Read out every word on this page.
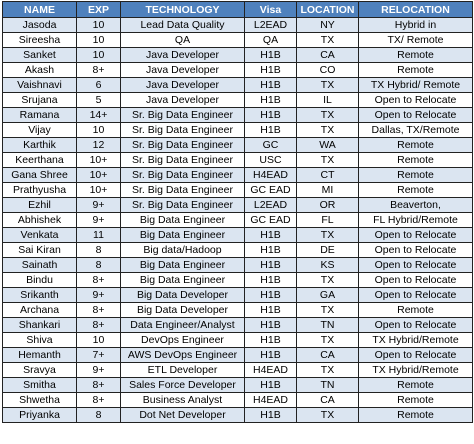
NAME	EXP	TECHNOLOGY	Visa	LOCATION	RELOCATION
Jasoda	10	Lead Data Quality	L2EAD	NY	Hybrid in
Sireesha	10	QA	QA	TX	TX/ Remote
Sanket	10	Java Developer	H1B	CA	Remote
Akash	8+	Java Developer	H1B	CO	Remote
Vaishnavi	6	Java Developer	H1B	TX	TX Hybrid/ Remote
Srujana	5	Java Developer	H1B	IL	Open to Relocate
Ramana	14+	Sr. Big Data Engineer	H1B	TX	Open to Relocate
Vijay	10	Sr. Big Data Engineer	H1B	TX	Dallas, TX/Remote
Karthik	12	Sr. Big Data Engineer	GC	WA	Remote
Keerthana	10+	Sr. Big Data Engineer	USC	TX	Remote
Gana Shree	10+	Sr. Big Data Engineer	H4EAD	CT	Remote
Prathyusha	10+	Sr. Big Data Engineer	GC EAD	MI	Remote
Ezhil	9+	Sr. Big Data Engineer	L2EAD	OR	Beaverton,
Abhishek	9+	Big Data Engineer	GC EAD	FL	FL Hybrid/Remote
Venkata	11	Big Data Engineer	H1B	TX	Open to Relocate
Sai Kiran	8	Big data/Hadoop	H1B	DE	Open to Relocate
Sainath	8	Big Data Engineer	H1B	KS	Open to Relocate
Bindu	8+	Big Data Engineer	H1B	TX	Open to Relocate
Srikanth	9+	Big Data Developer	H1B	GA	Open to Relocate
Archana	8+	Big Data Developer	H1B	TX	Remote
Shankari	8+	Data Engineer/Analyst	H1B	TN	Open to Relocate
Shiva	10	DevOps Engineer	H1B	TX	TX Hybrid/Remote
Hemanth	7+	AWS DevOps Engineer	H1B	CA	Open to Relocate
Sravya	9+	ETL Developer	H4EAD	TX	TX Hybrid/Remote
Smitha	8+	Sales Force Developer	H1B	TN	Remote
Shwetha	8+	Business Analyst	H4EAD	CA	Remote
Priyanka	8	Dot Net Developer	H1B	TX	Remote
